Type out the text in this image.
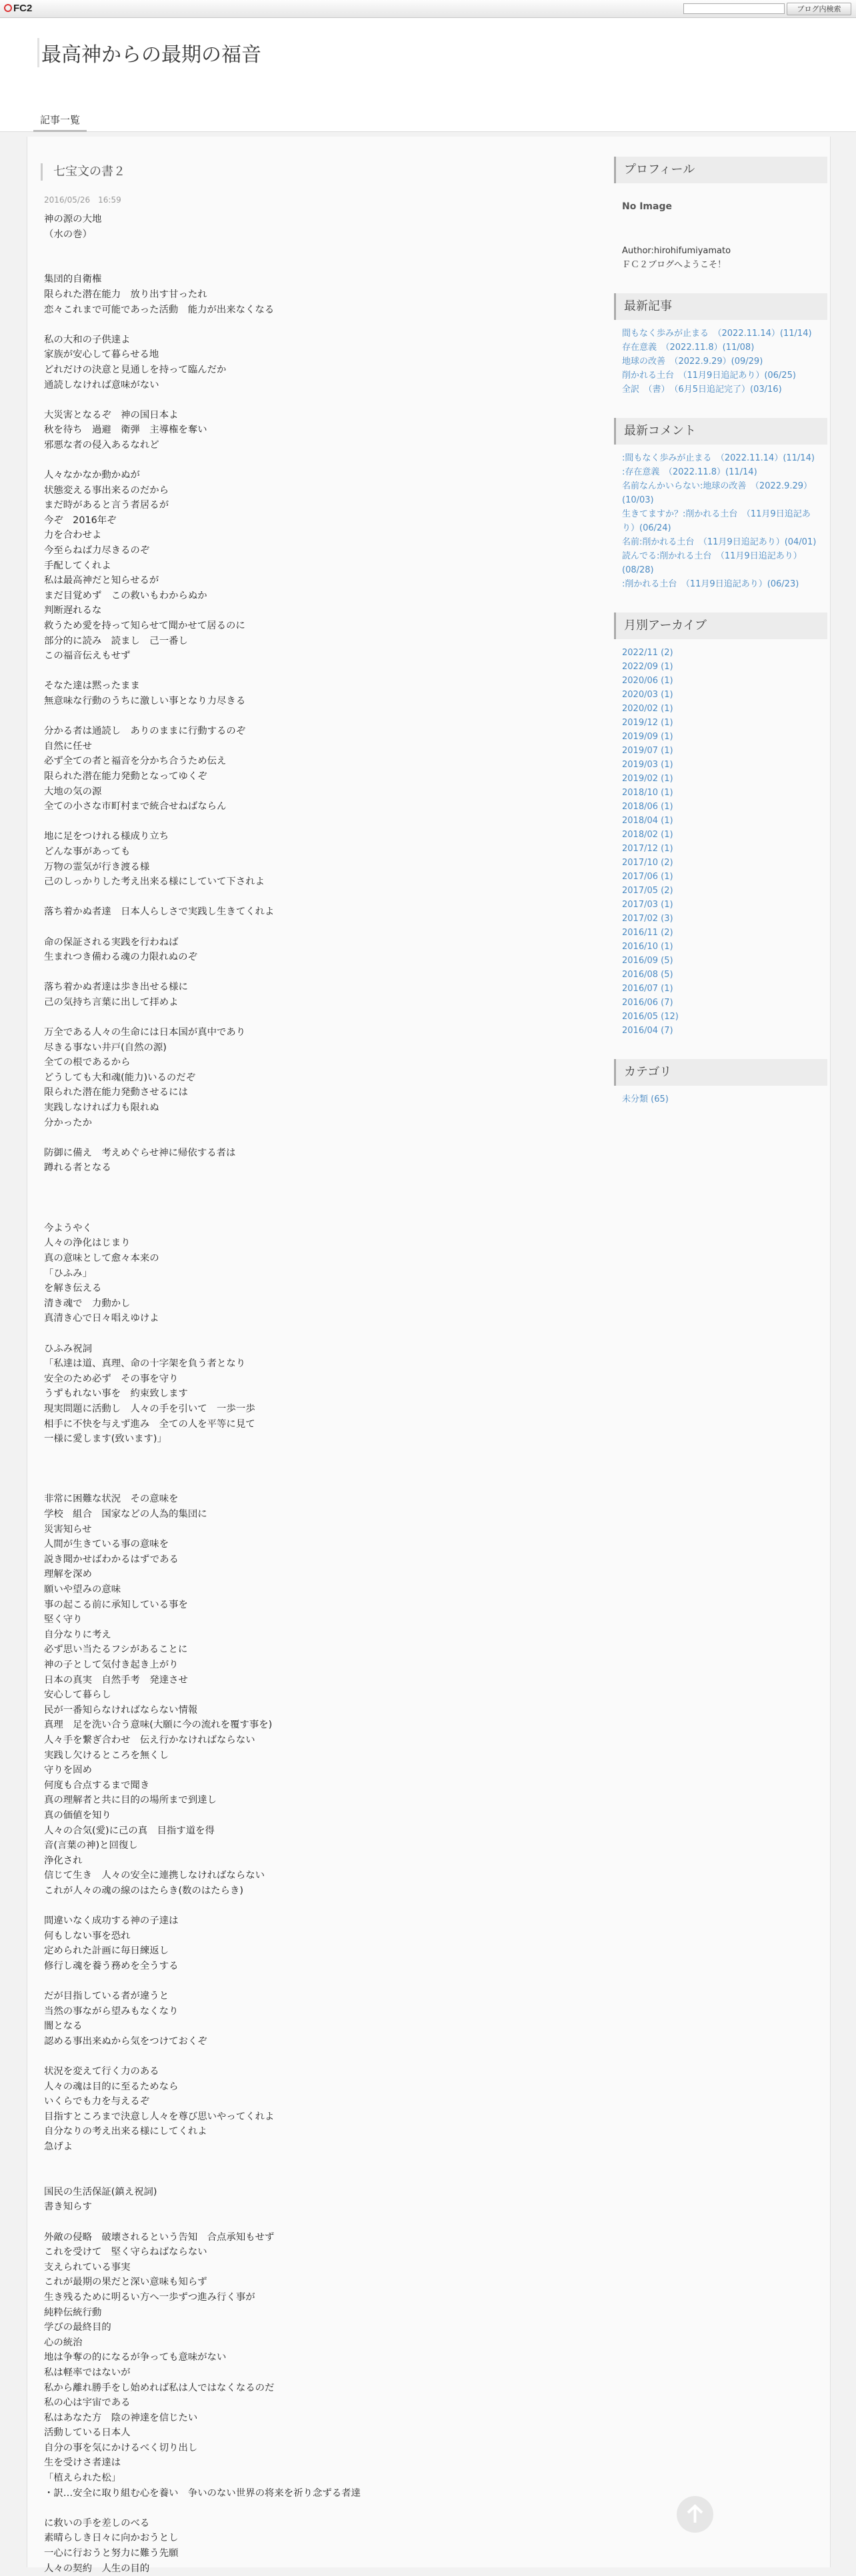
FC2	ブログ内検索
最高神からの最期の福音
記事一覧
七宝文の書２
2016/05/26　16:59
神の源の大地
（水の巻）

集団的自衛権
限られた潜在能力　放り出す甘ったれ
恋々これまで可能であった活動　能力が出来なくなる

私の大和の子供達よ
家族が安心して暮らせる地
どれだけの決意と見通しを持って臨んだか
通読しなければ意味がない

大災害となるぞ　神の国日本よ
秋を待ち　過避　衛弾　主導権を奪い
邪悪な者の侵入あるなれど

人々なかなか動かぬが
状態変える事出来るのだから
まだ時があると言う者居るが
今ぞ　2016年ぞ
力を合わせよ
今至らねば力尽きるのぞ
手配してくれよ
私は最高神だと知らせるが
まだ目覚めず　この救いもわからぬか
判断遅れるな
救うため愛を持って知らせて聞かせて居るのに
部分的に読み　読まし　己一番し
この福音伝えもせず

そなた達は黙ったまま
無意味な行動のうちに激しい事となり力尽きる

分かる者は通読し　ありのままに行動するのぞ
自然に任せ
必ず全ての者と福音を分かち合うため伝え
限られた潜在能力発動となってゆくぞ
大地の気の源
全ての小さな市町村まで統合せねばならん

地に足をつけれる様成り立ち
どんな事があっても
万物の霊気が行き渡る様
己のしっかりした考え出来る様にしていて下されよ

落ち着かぬ者達　日本人らしさで実践し生きてくれよ

命の保証される実践を行わねば
生まれつき備わる魂の力限れぬのぞ

落ち着かぬ者達は歩き出せる様に
己の気持ち言葉に出して拝めよ

万全である人々の生命には日本国が真中であり
尽きる事ない井戸(自然の源)
全ての根であるから
どうしても大和魂(能力)いるのだぞ
限られた潜在能力発動させるには
実践しなければ力も限れぬ
分かったか

防御に備え　考えめぐらせ神に帰依する者は
蹲れる者となる

今ようやく
人々の浄化はじまり
真の意味として愈々本来の
「ひふみ」
を解き伝える
清き魂で　力動かし
真清き心で日々唱えゆけよ

ひふみ祝詞
「私達は道、真理、命の十字架を負う者となり
安全のため必ず　その事を守り
うずもれない事を　約束致します
現実問題に活動し　人々の手を引いて　一歩一歩
相手に不快を与えず進み　全ての人を平等に見て
一様に愛します(致います)」

非常に困難な状況　その意味を
学校　組合　国家などの人為的集団に
災害知らせ
人間が生きている事の意味を
説き聞かせばわかるはずである
理解を深め
願いや望みの意味
事の起こる前に承知している事を
堅く守り
自分なりに考え
必ず思い当たるフシがあることに
神の子として気付き起き上がり
日本の真実　自然手考　発達させ
安心して暮らし
民が一番知らなければならない情報
真理　足を洗い合う意味(大願に今の流れを覆す事を)
人々手を繋ぎ合わせ　伝え行かなければならない
実践し欠けるところを無くし
守りを固め
何度も合点するまで聞き
真の理解者と共に目的の場所まで到達し
真の価値を知り
人々の合気(愛)に己の真　目指す道を得
音(言葉の神)と回復し
浄化され
信じて生き　人々の安全に連携しなければならない
これが人々の魂の線のはたらき(数のはたらき)

間違いなく成功する神の子達は
何もしない事を恐れ
定められた計画に毎日練返し
修行し魂を養う務めを全うする

だが目指している者が違うと
当然の事ながら望みもなくなり
闇となる
認める事出来ぬから気をつけておくぞ

状況を変えて行く力のある
人々の魂は目的に至るためなら
いくらでも力を与えるぞ
目指すところまで決意し人々を尊び思いやってくれよ
自分なりの考え出来る様にしてくれよ
急げよ

国民の生活保証(鎮え祝詞)
書き知らす

外敵の侵略　破壊されるという告知　合点承知もせず
これを受けて　堅く守らねばならない
支えられている事実
これが最期の果だと深い意味も知らず
生き残るために明るい方へ一歩ずつ進み行く事が
純粋伝統行動
学びの最終目的
心の統治
地は争奪の的になるが争っても意味がない
私は軽率ではないが
私から離れ勝手をし始めれば私は人ではなくなるのだ
私の心は宇宙である
私はあなた方　陰の神達を信じたい
活動している日本人
自分の事を気にかけるべく切り出し
生を受けさ者達は
「植えられた松」
・訳…安全に取り組む心を養い　争いのない世界の将来を祈り念ずる者達

に救いの手を差しのべる
素晴らしき日々に向かおうとし
一心に行おうと努力に難う先願
人々の契約　人生の目的
プロフィール
No Image
Author:hirohifumiyamato
ＦＣ２ブログへようこそ！
最新記事
間もなく歩みが止まる　（2022.11.14）(11/14)
存在意義　（2022.11.8）(11/08)
地球の改善　（2022.9.29）(09/29)
削かれる土台　（11月9日追記あり）(06/25)
全訳　（書）　（6月5日追記完了）(03/16)
最新コメント
:間もなく歩みが止まる　（2022.11.14）(11/14)
:存在意義　（2022.11.8）(11/14)
名前なんかいらない:地球の改善　（2022.9.29）(10/03)
生きてますか？:削かれる土台　（11月9日追記あり）(06/24)
名前:削かれる土台　（11月9日追記あり）(04/01)
読んでる:削かれる土台　（11月9日追記あり）(08/28)
:削かれる土台　（11月9日追記あり）(06/23)
月別アーカイブ
2022/11 (2)
2022/09 (1)
2020/06 (1)
2020/03 (1)
2020/02 (1)
2019/12 (1)
2019/09 (1)
2019/07 (1)
2019/03 (1)
2019/02 (1)
2018/10 (1)
2018/06 (1)
2018/04 (1)
2018/02 (1)
2017/12 (1)
2017/10 (2)
2017/06 (1)
2017/05 (2)
2017/03 (1)
2017/02 (3)
2016/11 (2)
2016/10 (1)
2016/09 (5)
2016/08 (5)
2016/07 (1)
2016/06 (7)
2016/05 (12)
2016/04 (7)
カテゴリ
未分類 (65)
